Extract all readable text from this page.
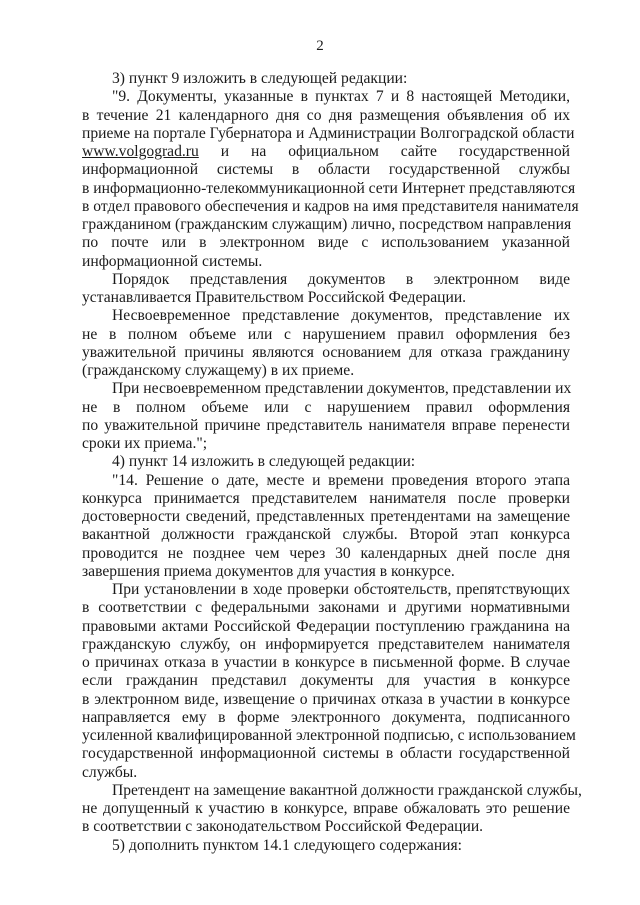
2
3) пункт 9 изложить в следующей редакции:
"9. Документы, указанные в пунктах 7 и 8 настоящей Методики,
в течение 21 календарного дня со дня размещения объявления об их
приеме на портале Губернатора и Администрации Волгоградской области
www.volgograd.ru и на официальном сайте государственной
информационной системы в области государственной службы
в информационно-телекоммуникационной сети Интернет представляются
в отдел правового обеспечения и кадров на имя представителя нанимателя
гражданином (гражданским служащим) лично, посредством направления
по почте или в электронном виде с использованием указанной
информационной системы.
Порядок представления документов в электронном виде
устанавливается Правительством Российской Федерации.
Несвоевременное представление документов, представление их
не в полном объеме или с нарушением правил оформления без
уважительной причины являются основанием для отказа гражданину
(гражданскому служащему) в их приеме.
При несвоевременном представлении документов, представлении их
не в полном объеме или с нарушением правил оформления
по уважительной причине представитель нанимателя вправе перенести
сроки их приема.";
4) пункт 14 изложить в следующей редакции:
"14. Решение о дате, месте и времени проведения второго этапа
конкурса принимается представителем нанимателя после проверки
достоверности сведений, представленных претендентами на замещение
вакантной должности гражданской службы. Второй этап конкурса
проводится не позднее чем через 30 календарных дней после дня
завершения приема документов для участия в конкурсе.
При установлении в ходе проверки обстоятельств, препятствующих
в соответствии с федеральными законами и другими нормативными
правовыми актами Российской Федерации поступлению гражданина на
гражданскую службу, он информируется представителем нанимателя
о причинах отказа в участии в конкурсе в письменной форме. В случае
если гражданин представил документы для участия в конкурсе
в электронном виде, извещение о причинах отказа в участии в конкурсе
направляется ему в форме электронного документа, подписанного
усиленной квалифицированной электронной подписью, с использованием
государственной информационной системы в области государственной
службы.
Претендент на замещение вакантной должности гражданской службы,
не допущенный к участию в конкурсе, вправе обжаловать это решение
в соответствии с законодательством Российской Федерации.
5) дополнить пунктом 14.1 следующего содержания:
